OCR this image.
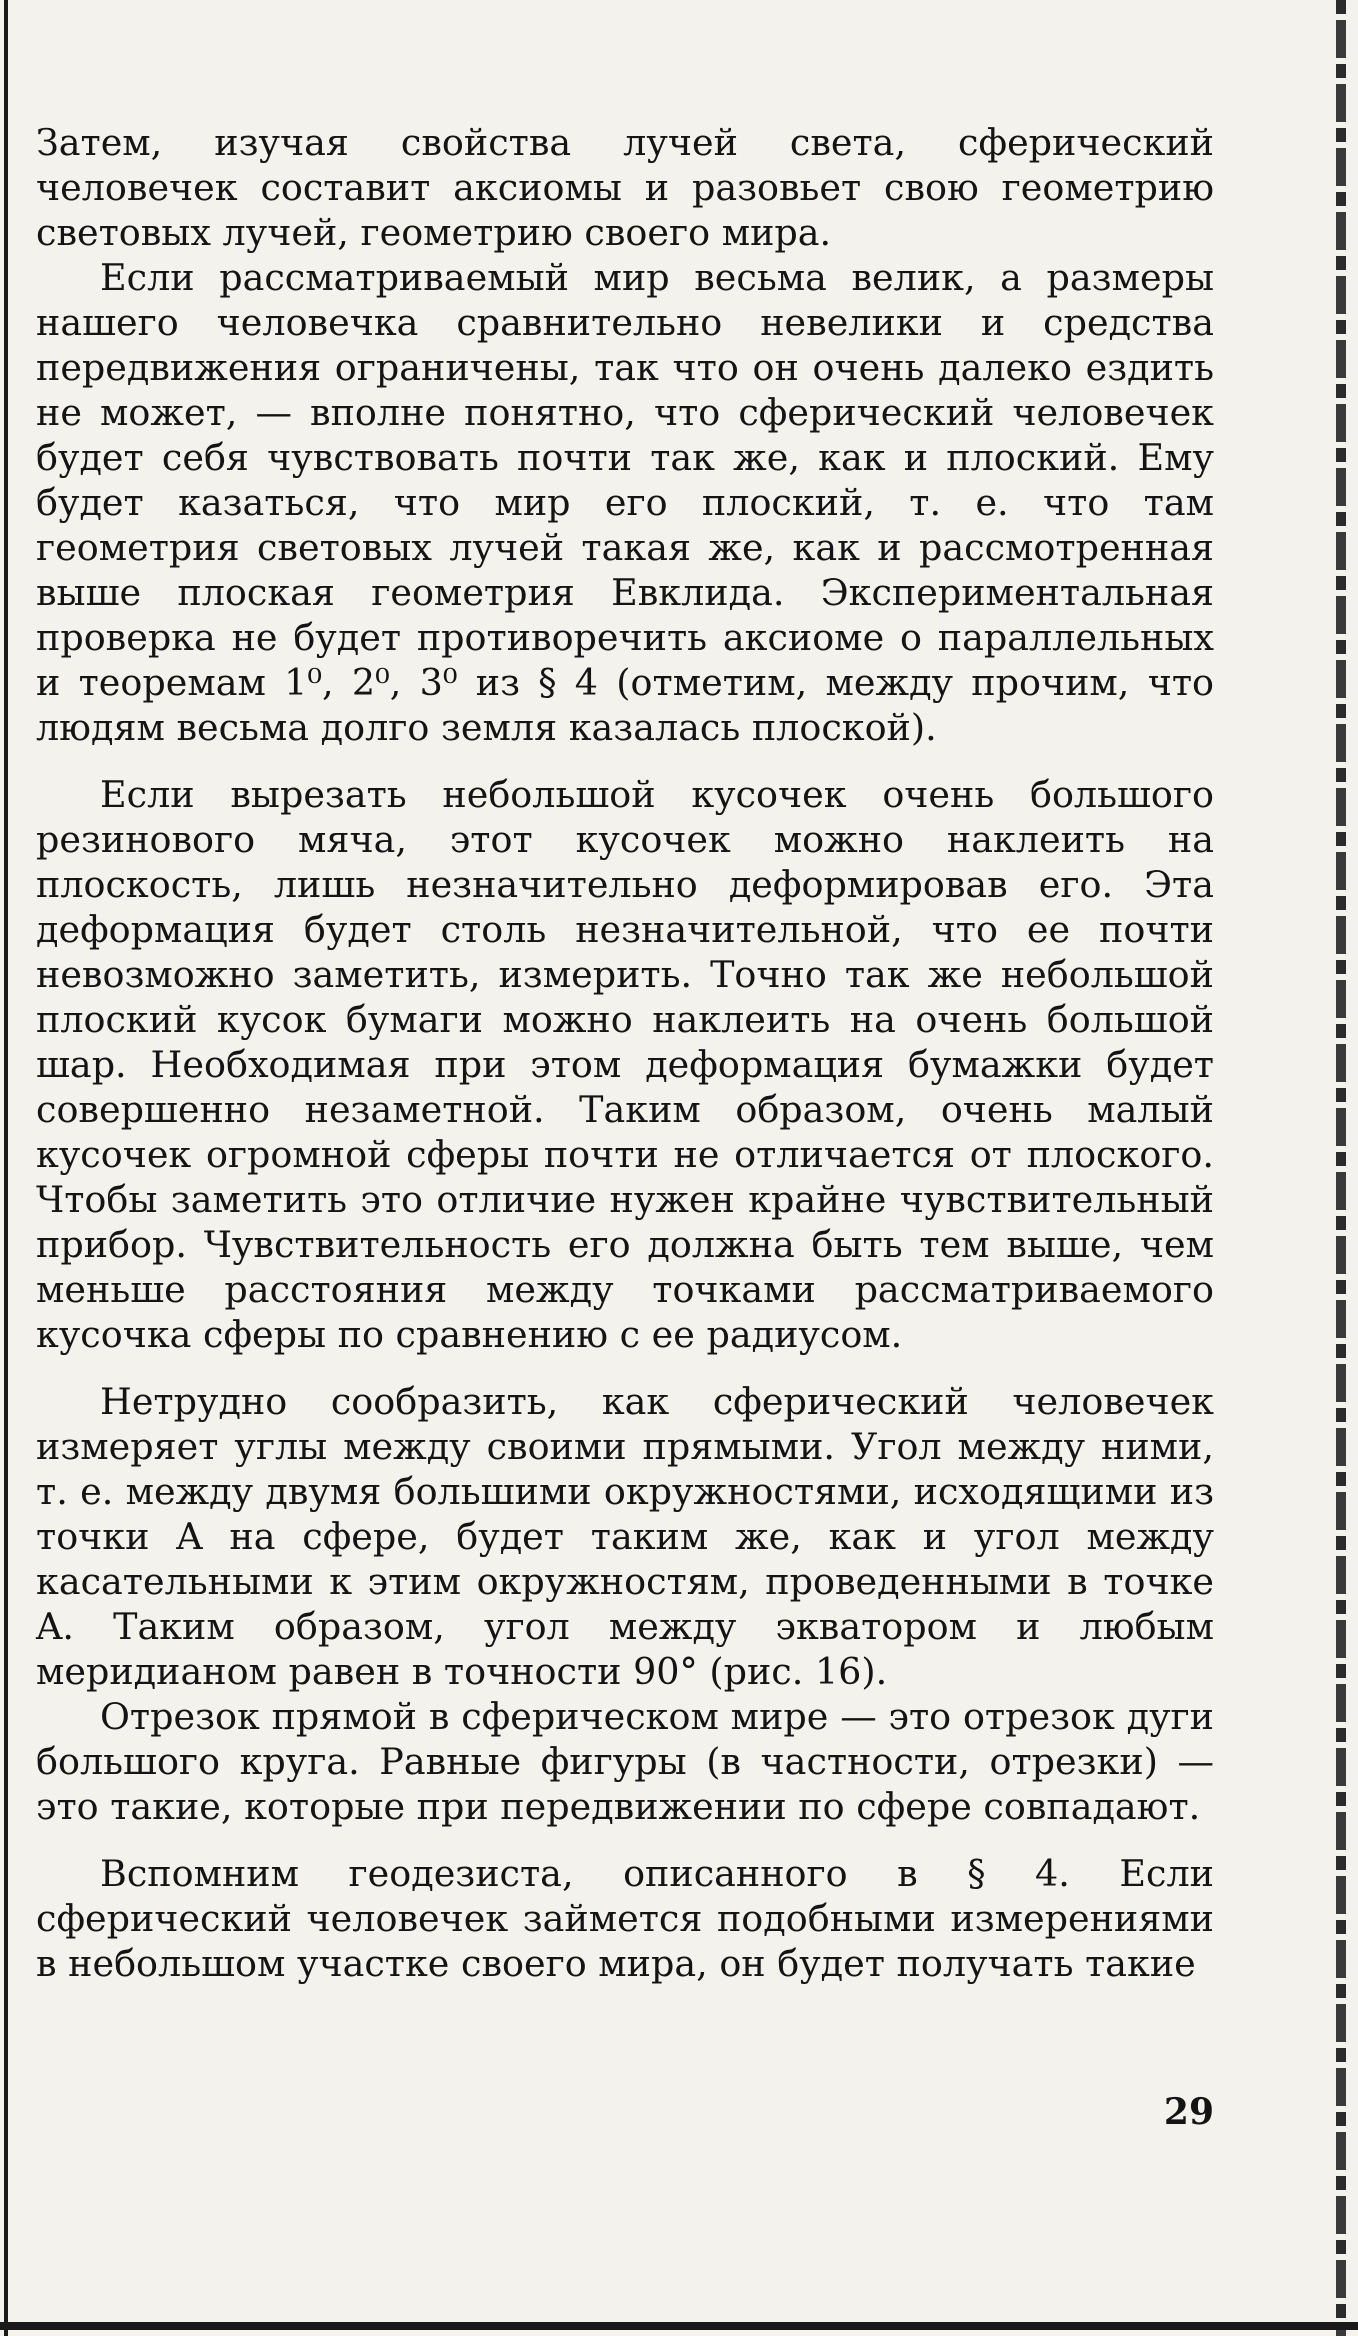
Затем, изучая свойства лучей света, сферический человечек составит аксиомы и разовьет свою геометрию световых лучей, геометрию своего мира.

Если рассматриваемый мир весьма велик, а размеры нашего человечка сравнительно невелики и средства передвижения ограничены, так что он очень далеко ездить не может, — вполне понятно, что сферический человечек будет себя чувствовать почти так же, как и плоский. Ему будет казаться, что мир его плоский, т. е. что там геометрия световых лучей такая же, как и рассмотренная выше плоская геометрия Евклида. Экспериментальная проверка не будет противоречить аксиоме о параллельных и теоремам 1⁰, 2⁰, 3⁰ из § 4 (отметим, между прочим, что людям весьма долго земля казалась плоской).

Если вырезать небольшой кусочек очень большого резинового мяча, этот кусочек можно наклеить на плоскость, лишь незначительно деформировав его. Эта деформация будет столь незначительной, что ее почти невозможно заметить, измерить. Точно так же небольшой плоский кусок бумаги можно наклеить на очень большой шар. Необходимая при этом деформация бумажки будет совершенно незаметной. Таким образом, очень малый кусочек огромной сферы почти не отличается от плоского. Чтобы заметить это отличие нужен крайне чувствительный прибор. Чувствительность его должна быть тем выше, чем меньше расстояния между точками рассматриваемого кусочка сферы по сравнению с ее радиусом.

Нетрудно сообразить, как сферический человечек измеряет углы между своими прямыми. Угол между ними, т. е. между двумя большими окружностями, исходящими из точки A на сфере, будет таким же, как и угол между касательными к этим окружностям, проведенными в точке A. Таким образом, угол между экватором и любым меридианом равен в точности 90° (рис. 16).

Отрезок прямой в сферическом мире — это отрезок дуги большого круга. Равные фигуры (в частности, отрезки) — это такие, которые при передвижении по сфере совпадают.

Вспомним геодезиста, описанного в § 4. Если сферический человечек займется подобными измерениями в небольшом участке своего мира, он будет получать такие

29
